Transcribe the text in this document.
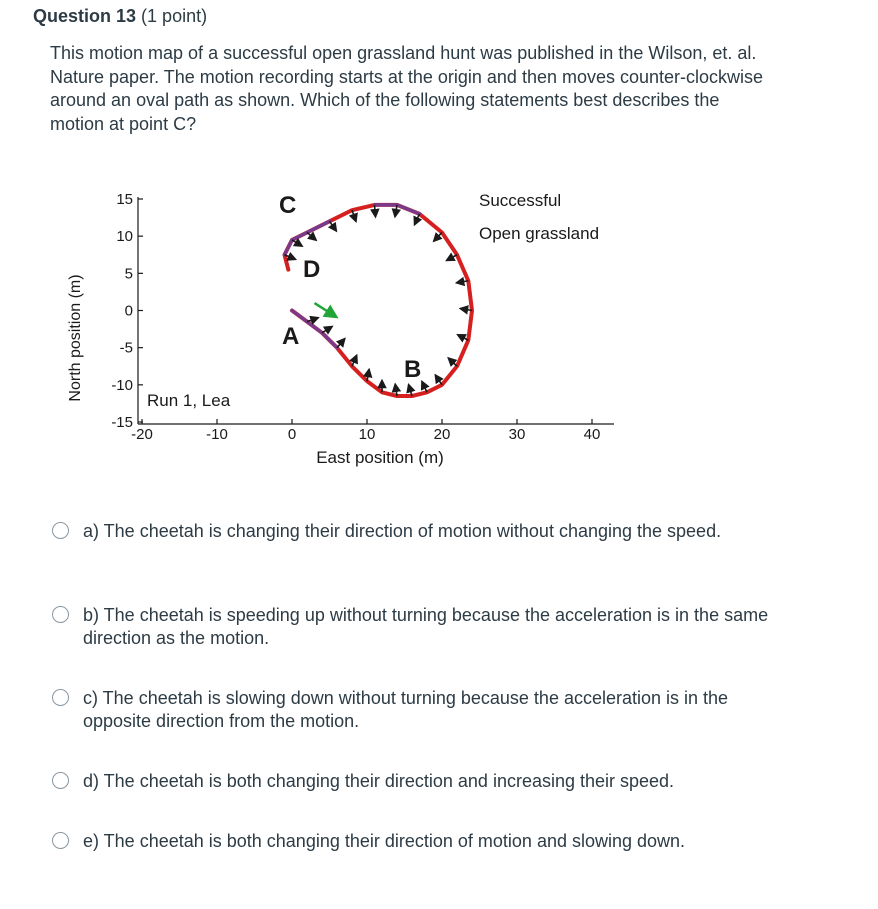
Question 13 (1 point)
This motion map of a successful open grassland hunt was published in the Wilson, et. al. Nature paper. The motion recording starts at the origin and then moves counter-clockwise around an oval path as shown. Which of the following statements best describes the motion at point C?
15
10
5
0
-5
-10
-15
-20	-10	0	10	20	30	40
North position (m)
East position (m)
Successful
Open grassland
Run 1, Lea
C
D
A
B
a) The cheetah is changing their direction of motion without changing the speed.
b) The cheetah is speeding up without turning because the acceleration is in the same direction as the motion.
c) The cheetah is slowing down without turning because the acceleration is in the opposite direction from the motion.
d) The cheetah is both changing their direction and increasing their speed.
e) The cheetah is both changing their direction of motion and slowing down.
